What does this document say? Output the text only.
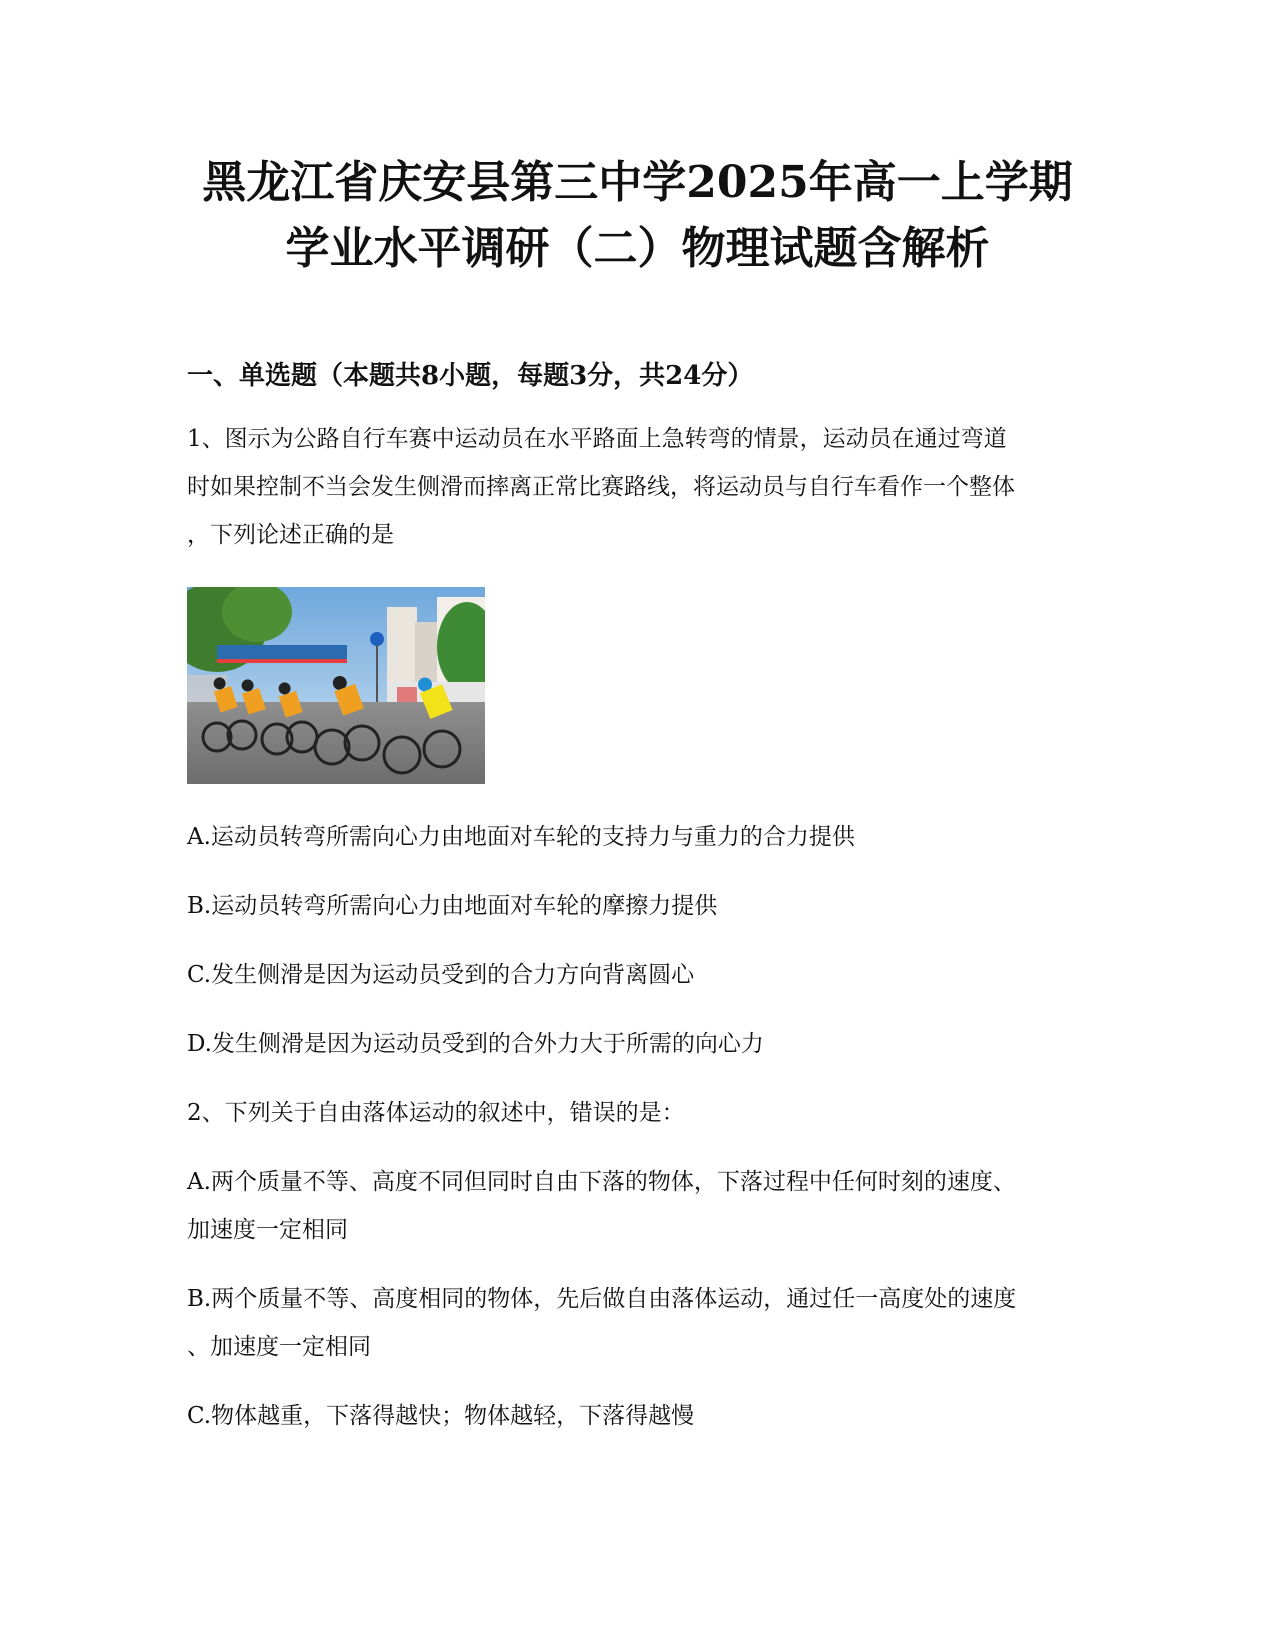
黑龙江省庆安县第三中学2025年高一上学期
学业水平调研（二）物理试题含解析
一、单选题（本题共8小题，每题3分，共24分）
1、图示为公路自行车赛中运动员在水平路面上急转弯的情景，运动员在通过弯道
时如果控制不当会发生侧滑而摔离正常比赛路线，将运动员与自行车看作一个整体
，下列论述正确的是
A.运动员转弯所需向心力由地面对车轮的支持力与重力的合力提供
B.运动员转弯所需向心力由地面对车轮的摩擦力提供
C.发生侧滑是因为运动员受到的合力方向背离圆心
D.发生侧滑是因为运动员受到的合外力大于所需的向心力
2、下列关于自由落体运动的叙述中，错误的是：
A.两个质量不等、高度不同但同时自由下落的物体，下落过程中任何时刻的速度、
加速度一定相同
B.两个质量不等、高度相同的物体，先后做自由落体运动，通过任一高度处的速度
、加速度一定相同
C.物体越重，下落得越快；物体越轻，下落得越慢
